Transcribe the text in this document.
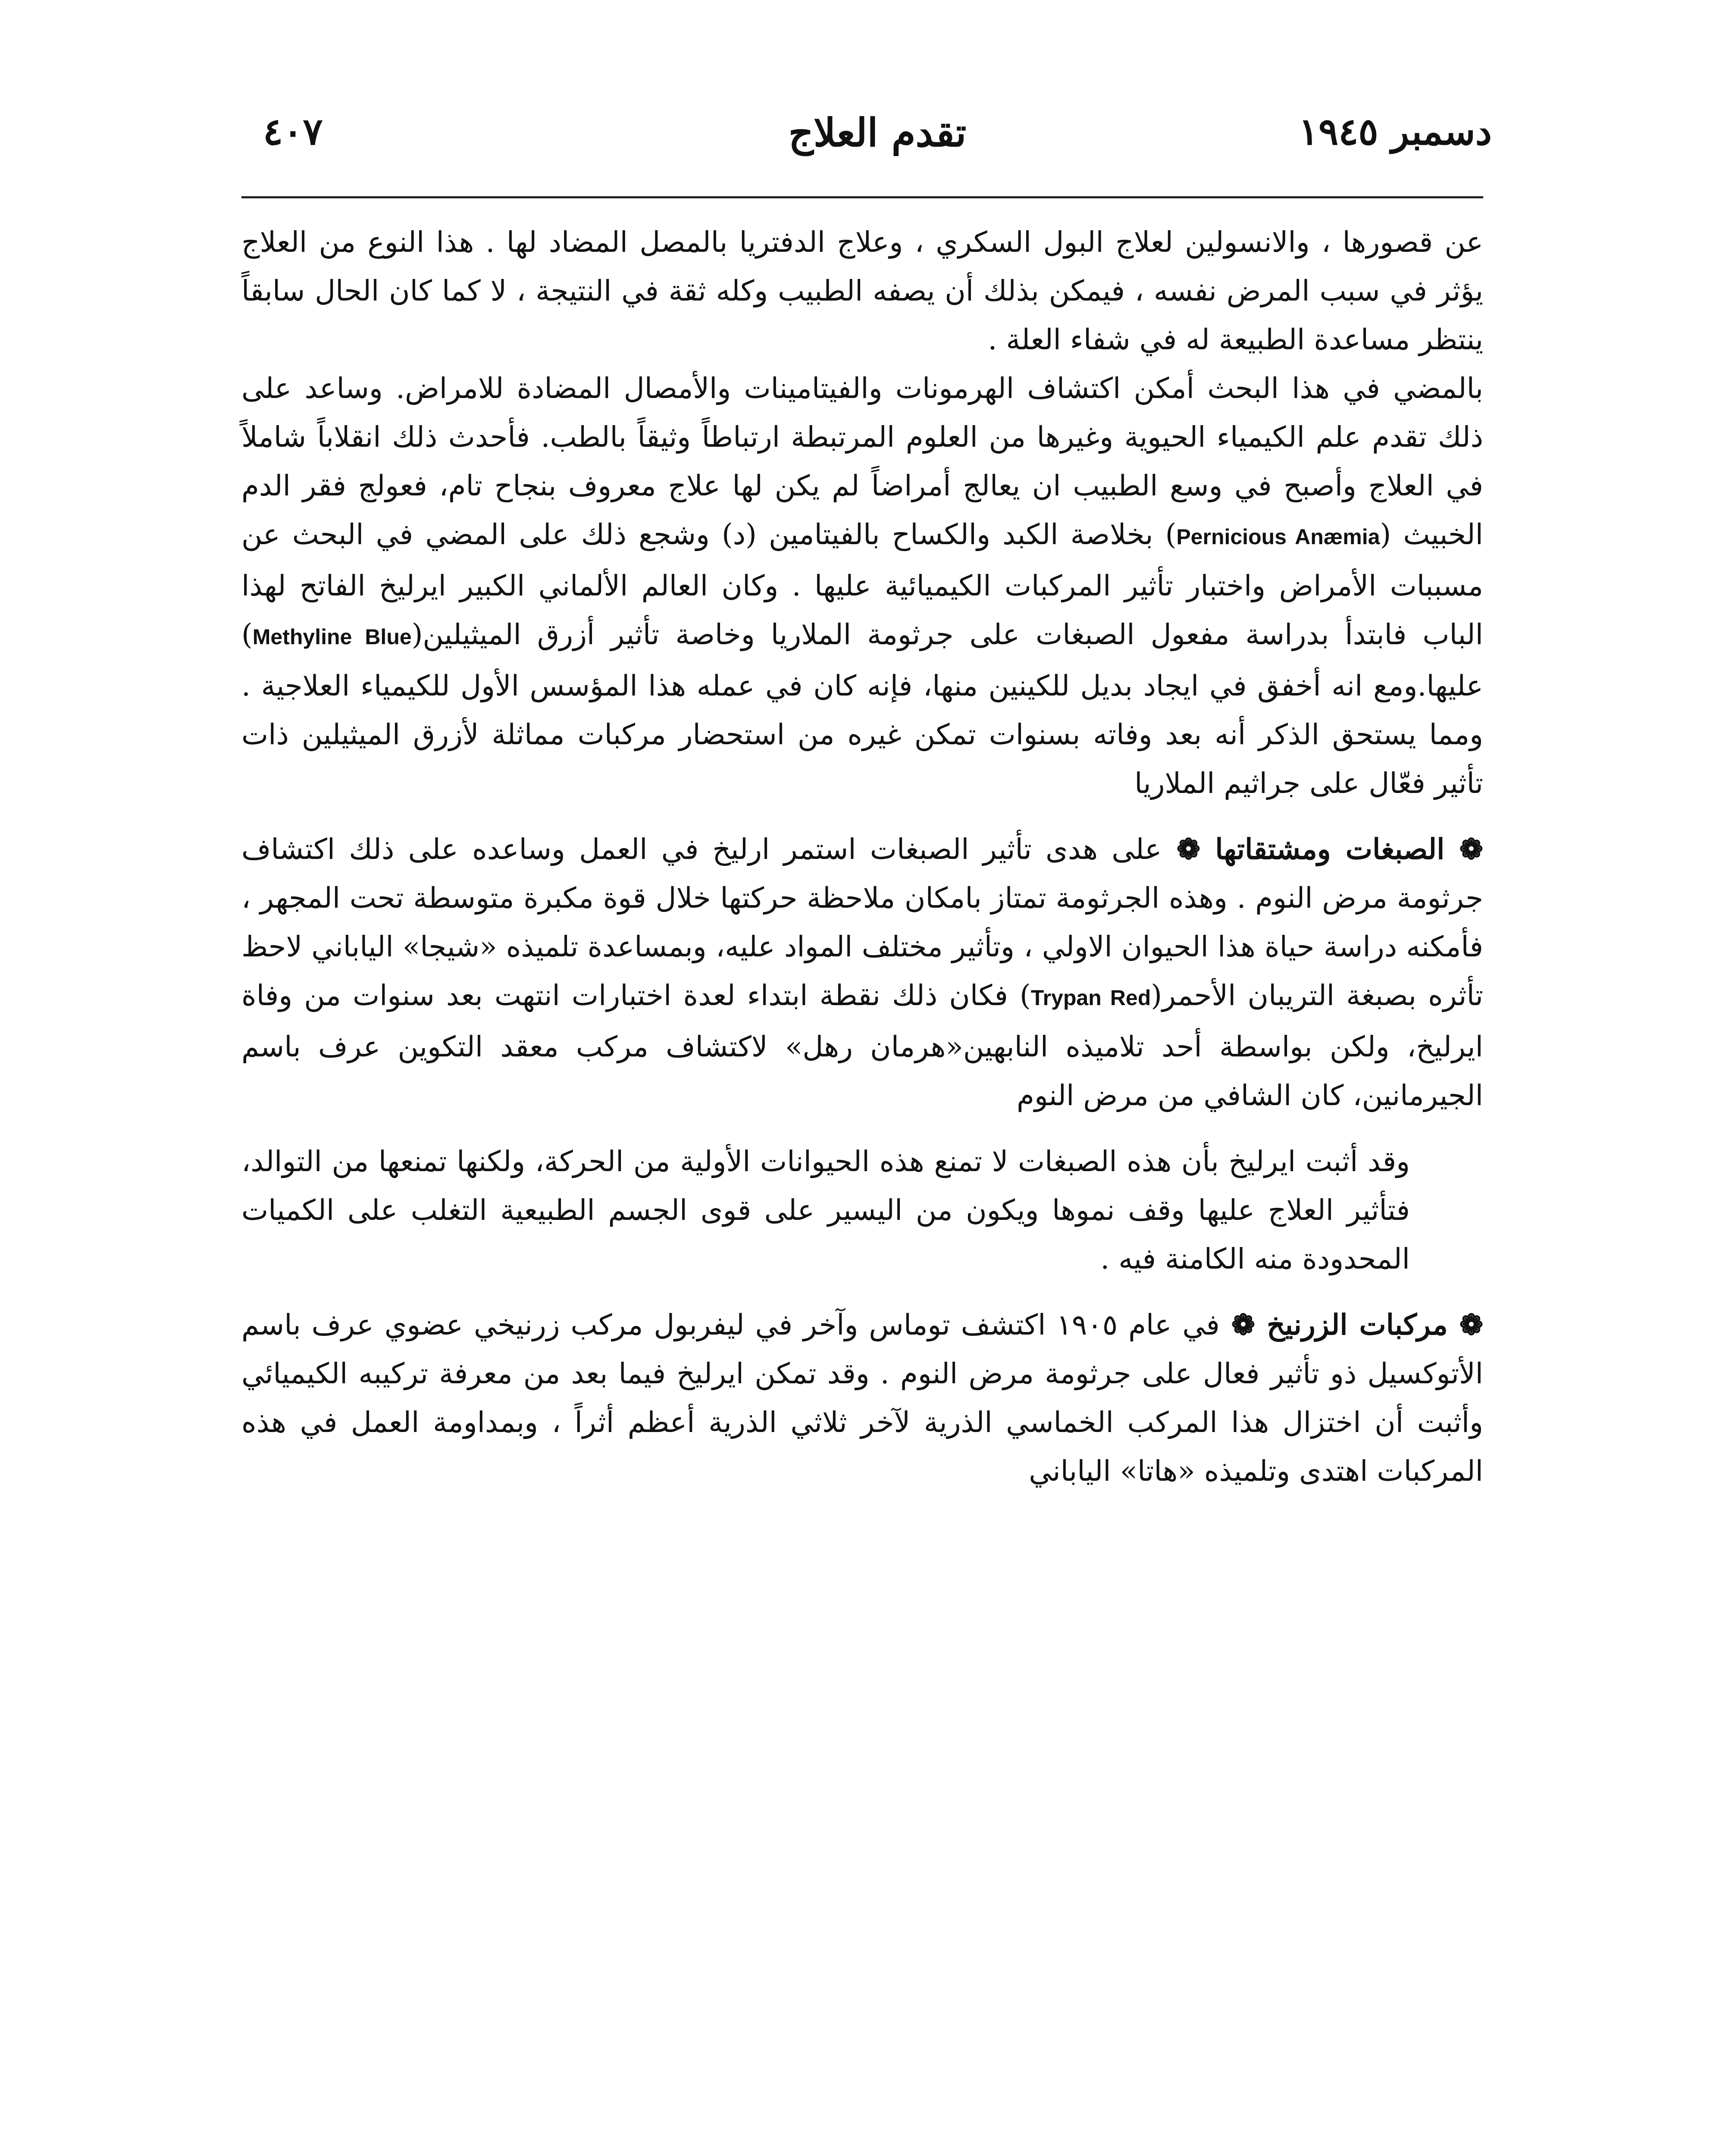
٤٠٧	تقدم العلاج	دسمبر ١٩٤٥

عن قصورها ، والانسولين لعلاج البول السكري ، وعلاج الدفتريا بالمصل المضاد لها . هذا النوع من العلاج يؤثر في سبب المرض نفسه ، فيمكن بذلك أن يصفه الطبيب وكله ثقة في النتيجة ، لا كما كان الحال سابقاً ينتظر مساعدة الطبيعة له في شفاء العلة .

بالمضي في هذا البحث أمكن اكتشاف الهرمونات والفيتامينات والأمصال المضادة للامراض. وساعد على ذلك تقدم علم الكيمياء الحيوية وغيرها من العلوم المرتبطة ارتباطاً وثيقاً بالطب. فأحدث ذلك انقلاباً شاملاً في العلاج وأصبح في وسع الطبيب ان يعالج أمراضاً لم يكن لها علاج معروف بنجاح تام، فعولج فقر الدم الخبيث (Pernicious Anæmia) بخلاصة الكبد والكساح بالفيتامين (د) وشجع ذلك على المضي في البحث عن مسببات الأمراض واختبار تأثير المركبات الكيميائية عليها . وكان العالم الألماني الكبير ايرليخ الفاتح لهذا الباب فابتدأ بدراسة مفعول الصبغات على جرثومة الملاريا وخاصة تأثير أزرق الميثيلين(Methyline Blue) عليها.ومع انه أخفق في ايجاد بديل للكينين منها، فإنه كان في عمله هذا المؤسس الأول للكيمياء العلاجية . ومما يستحق الذكر أنه بعد وفاته بسنوات تمكن غيره من استحضار مركبات مماثلة لأزرق الميثيلين ذات تأثير فعّال على جراثيم الملاريا

❁ الصبغات ومشتقاتها ❁ على هدى تأثير الصبغات استمر ارليخ في العمل وساعده على ذلك اكتشاف جرثومة مرض النوم . وهذه الجرثومة تمتاز بامكان ملاحظة حركتها خلال قوة مكبرة متوسطة تحت المجهر ، فأمكنه دراسة حياة هذا الحيوان الاولي ، وتأثير مختلف المواد عليه، وبمساعدة تلميذه «شيجا» الياباني لاحظ تأثره بصبغة التريبان الأحمر(Trypan Red) فكان ذلك نقطة ابتداء لعدة اختبارات انتهت بعد سنوات من وفاة ايرليخ، ولكن بواسطة أحد تلاميذه النابهين«هرمان رهل» لاكتشاف مركب معقد التكوين عرف باسم الجيرمانين، كان الشافي من مرض النوم

وقد أثبت ايرليخ بأن هذه الصبغات لا تمنع هذه الحيوانات الأولية من الحركة، ولكنها تمنعها من التوالد، فتأثير العلاج عليها وقف نموها ويكون من اليسير على قوى الجسم الطبيعية التغلب على الكميات المحدودة منه الكامنة فيه .

❁ مركبات الزرنيخ ❁ في عام ١٩٠٥ اكتشف توماس وآخر في ليفربول مركب زرنيخي عضوي عرف باسم الأتوكسيل ذو تأثير فعال على جرثومة مرض النوم . وقد تمكن ايرليخ فيما بعد من معرفة تركيبه الكيميائي وأثبت أن اختزال هذا المركب الخماسي الذرية لآخر ثلاثي الذرية أعظم أثراً ، وبمداومة العمل في هذه المركبات اهتدى وتلميذه «هاتا» الياباني
